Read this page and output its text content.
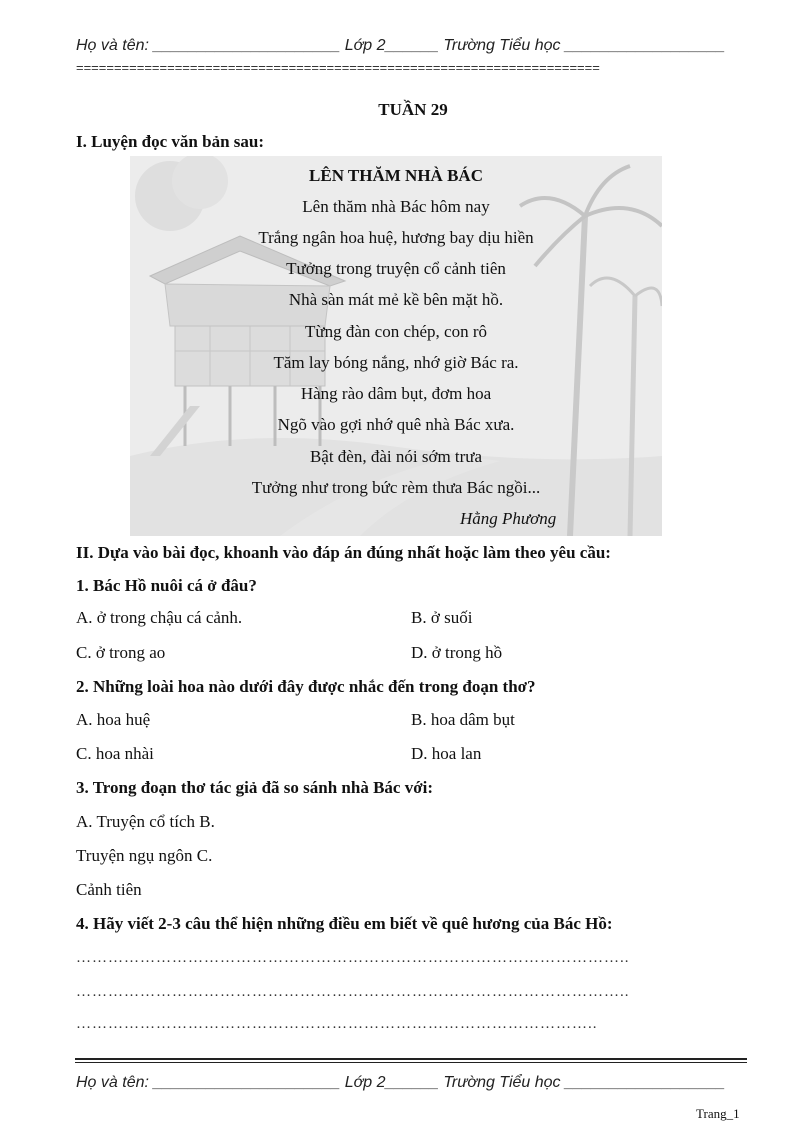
Họ và tên: _____________________ Lớp 2______ Trường Tiểu học __________________
=====================================================================
TUẦN 29
I. Luyện đọc văn bản sau:
LÊN THĂM NHÀ BÁC
Lên thăm nhà Bác hôm nay
Trắng ngân hoa huệ, hương bay dịu hiền
Tưởng trong truyện cổ cảnh tiên
Nhà sàn mát mẻ kề bên mặt hồ.
Từng đàn con chép, con rô
Tăm lay bóng nắng, nhớ giờ Bác ra.
Hàng rào dâm bụt, đơm hoa
Ngõ vào gợi nhớ quê nhà Bác xưa.
Bật đèn, đài nói sớm trưa
Tưởng như trong bức rèm thưa Bác ngồi...
Hằng Phương
II. Dựa vào bài đọc, khoanh vào đáp án đúng nhất hoặc làm theo yêu cầu:
1. Bác Hồ nuôi cá ở đâu?
A. ở trong chậu cá cảnh.	B. ở suối
C. ở trong ao	D. ở trong hồ
2. Những loài hoa nào dưới đây được nhắc đến trong đoạn thơ?
A. hoa huệ	B. hoa dâm bụt
C. hoa nhài	D. hoa lan
3. Trong đoạn thơ tác giả đã so sánh nhà Bác với:
A. Truyện cổ tích B.
Truyện ngụ ngôn C.
Cảnh tiên
4. Hãy viết 2-3 câu thể hiện những điều em biết về quê hương của Bác Hồ:
…………………………………………………………………………………………..
…………………………………………………………………………………………..
……………………………………………………………………………………..
Họ và tên: _____________________ Lớp 2______ Trường Tiểu học __________________
Trang_1
